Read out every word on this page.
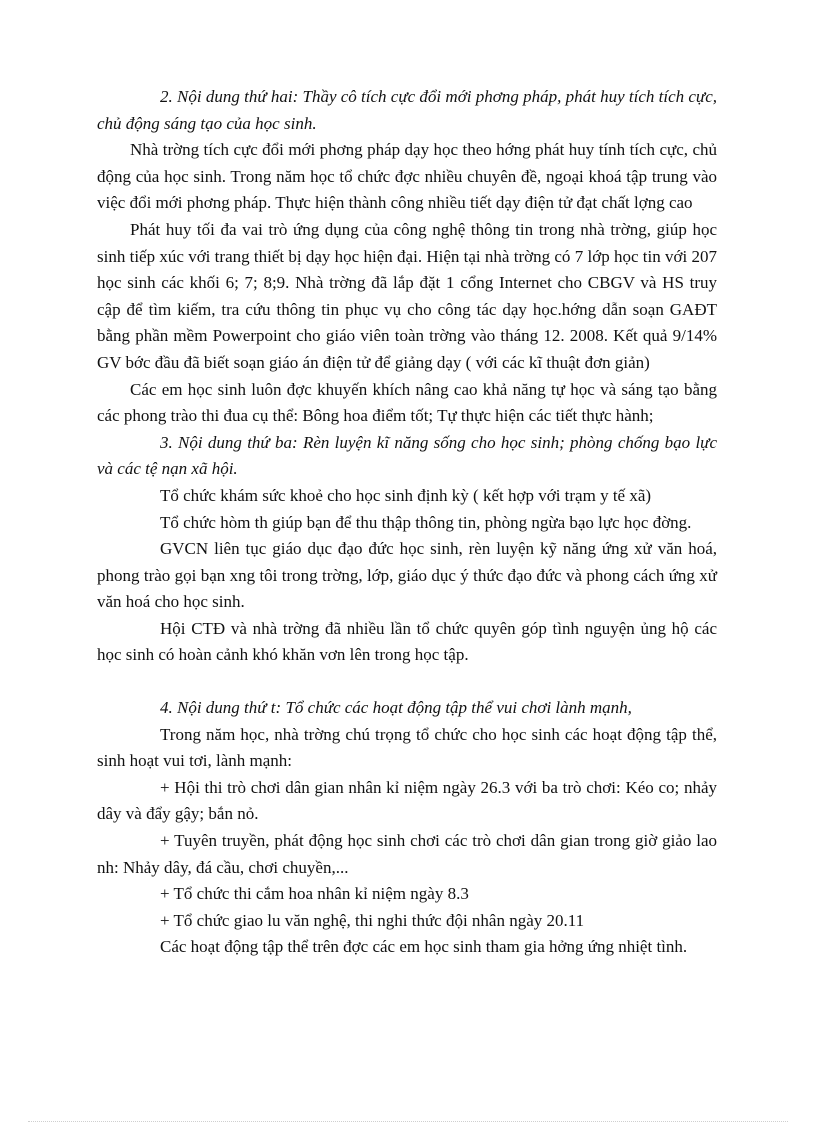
2. Nội dung thứ hai: Thầy cô tích cực đổi mới phơng pháp, phát huy tích tích cực, chủ động sáng tạo của học sinh.

Nhà trờng tích cực đổi mới phơng pháp dạy học theo hớng phát huy tính tích cực, chủ động của học sinh. Trong năm học tổ chức đợc nhiều chuyên đề, ngoại khoá tập trung vào việc đổi mới phơng pháp. Thực hiện thành công nhiều tiết dạy điện tử đạt chất lợng cao

Phát huy tối đa vai trò ứng dụng của công nghệ thông tin trong nhà trờng, giúp học sinh tiếp xúc với trang thiết bị dạy học hiện đại. Hiện tại nhà trờng có 7 lớp học tin với 207 học sinh các khối 6; 7; 8;9. Nhà trờng đã lắp đặt 1 cổng Internet cho CBGV và HS truy cập để tìm kiếm, tra cứu thông tin phục vụ cho công tác dạy học.hớng dẫn soạn GAĐT bằng phần mềm Powerpoint cho giáo viên toàn trờng vào tháng 12. 2008. Kết quả 9/14% GV bớc đầu đã biết soạn giáo án điện tử để giảng dạy ( với các kĩ thuật đơn giản)

Các em học sinh luôn đợc khuyến khích nâng cao khả năng tự học và sáng tạo bằng các phong trào thi đua cụ thể: Bông hoa điểm tốt; Tự thực hiện các tiết thực hành;

3. Nội dung thứ ba: Rèn luyện kĩ năng sống cho học sinh; phòng chống bạo lực và các tệ nạn xã hội.

Tổ chức khám sức khoẻ cho học sinh định kỳ ( kết hợp với trạm y tế xã)

Tổ chức hòm th giúp bạn để thu thập thông tin, phòng ngừa bạo lực học đờng.

GVCN liên tục giáo dục đạo đức học sinh, rèn luyện kỹ năng ứng xử văn hoá, phong trào gọi bạn xng tôi trong trờng, lớp, giáo dục ý thức đạo đức và phong cách ứng xử văn hoá cho học sinh.

Hội CTĐ và nhà trờng đã nhiều lần tổ chức quyên góp tình nguyện ủng hộ các học sinh có hoàn cảnh khó khăn vơn lên trong học tập.

4. Nội dung thứ t: Tổ chức các hoạt động tập thể vui chơi lành mạnh,

Trong năm học, nhà trờng chú trọng tổ chức cho học sinh các hoạt động tập thể, sinh hoạt vui tơi, lành mạnh:

+ Hội thi trò chơi dân gian nhân kỉ niệm ngày 26.3 với ba trò chơi: Kéo co; nhảy dây và đẩy gậy; bắn nỏ.

+ Tuyên truyền, phát động học sinh chơi các trò chơi dân gian trong giờ giảo lao nh: Nhảy dây, đá cầu, chơi chuyền,...

+ Tổ chức thi cắm hoa nhân kỉ niệm ngày 8.3

+ Tổ chức giao lu văn nghệ, thi nghi thức đội nhân ngày 20.11

Các hoạt động tập thể trên đợc các em học sinh tham gia hởng ứng nhiệt tình.
